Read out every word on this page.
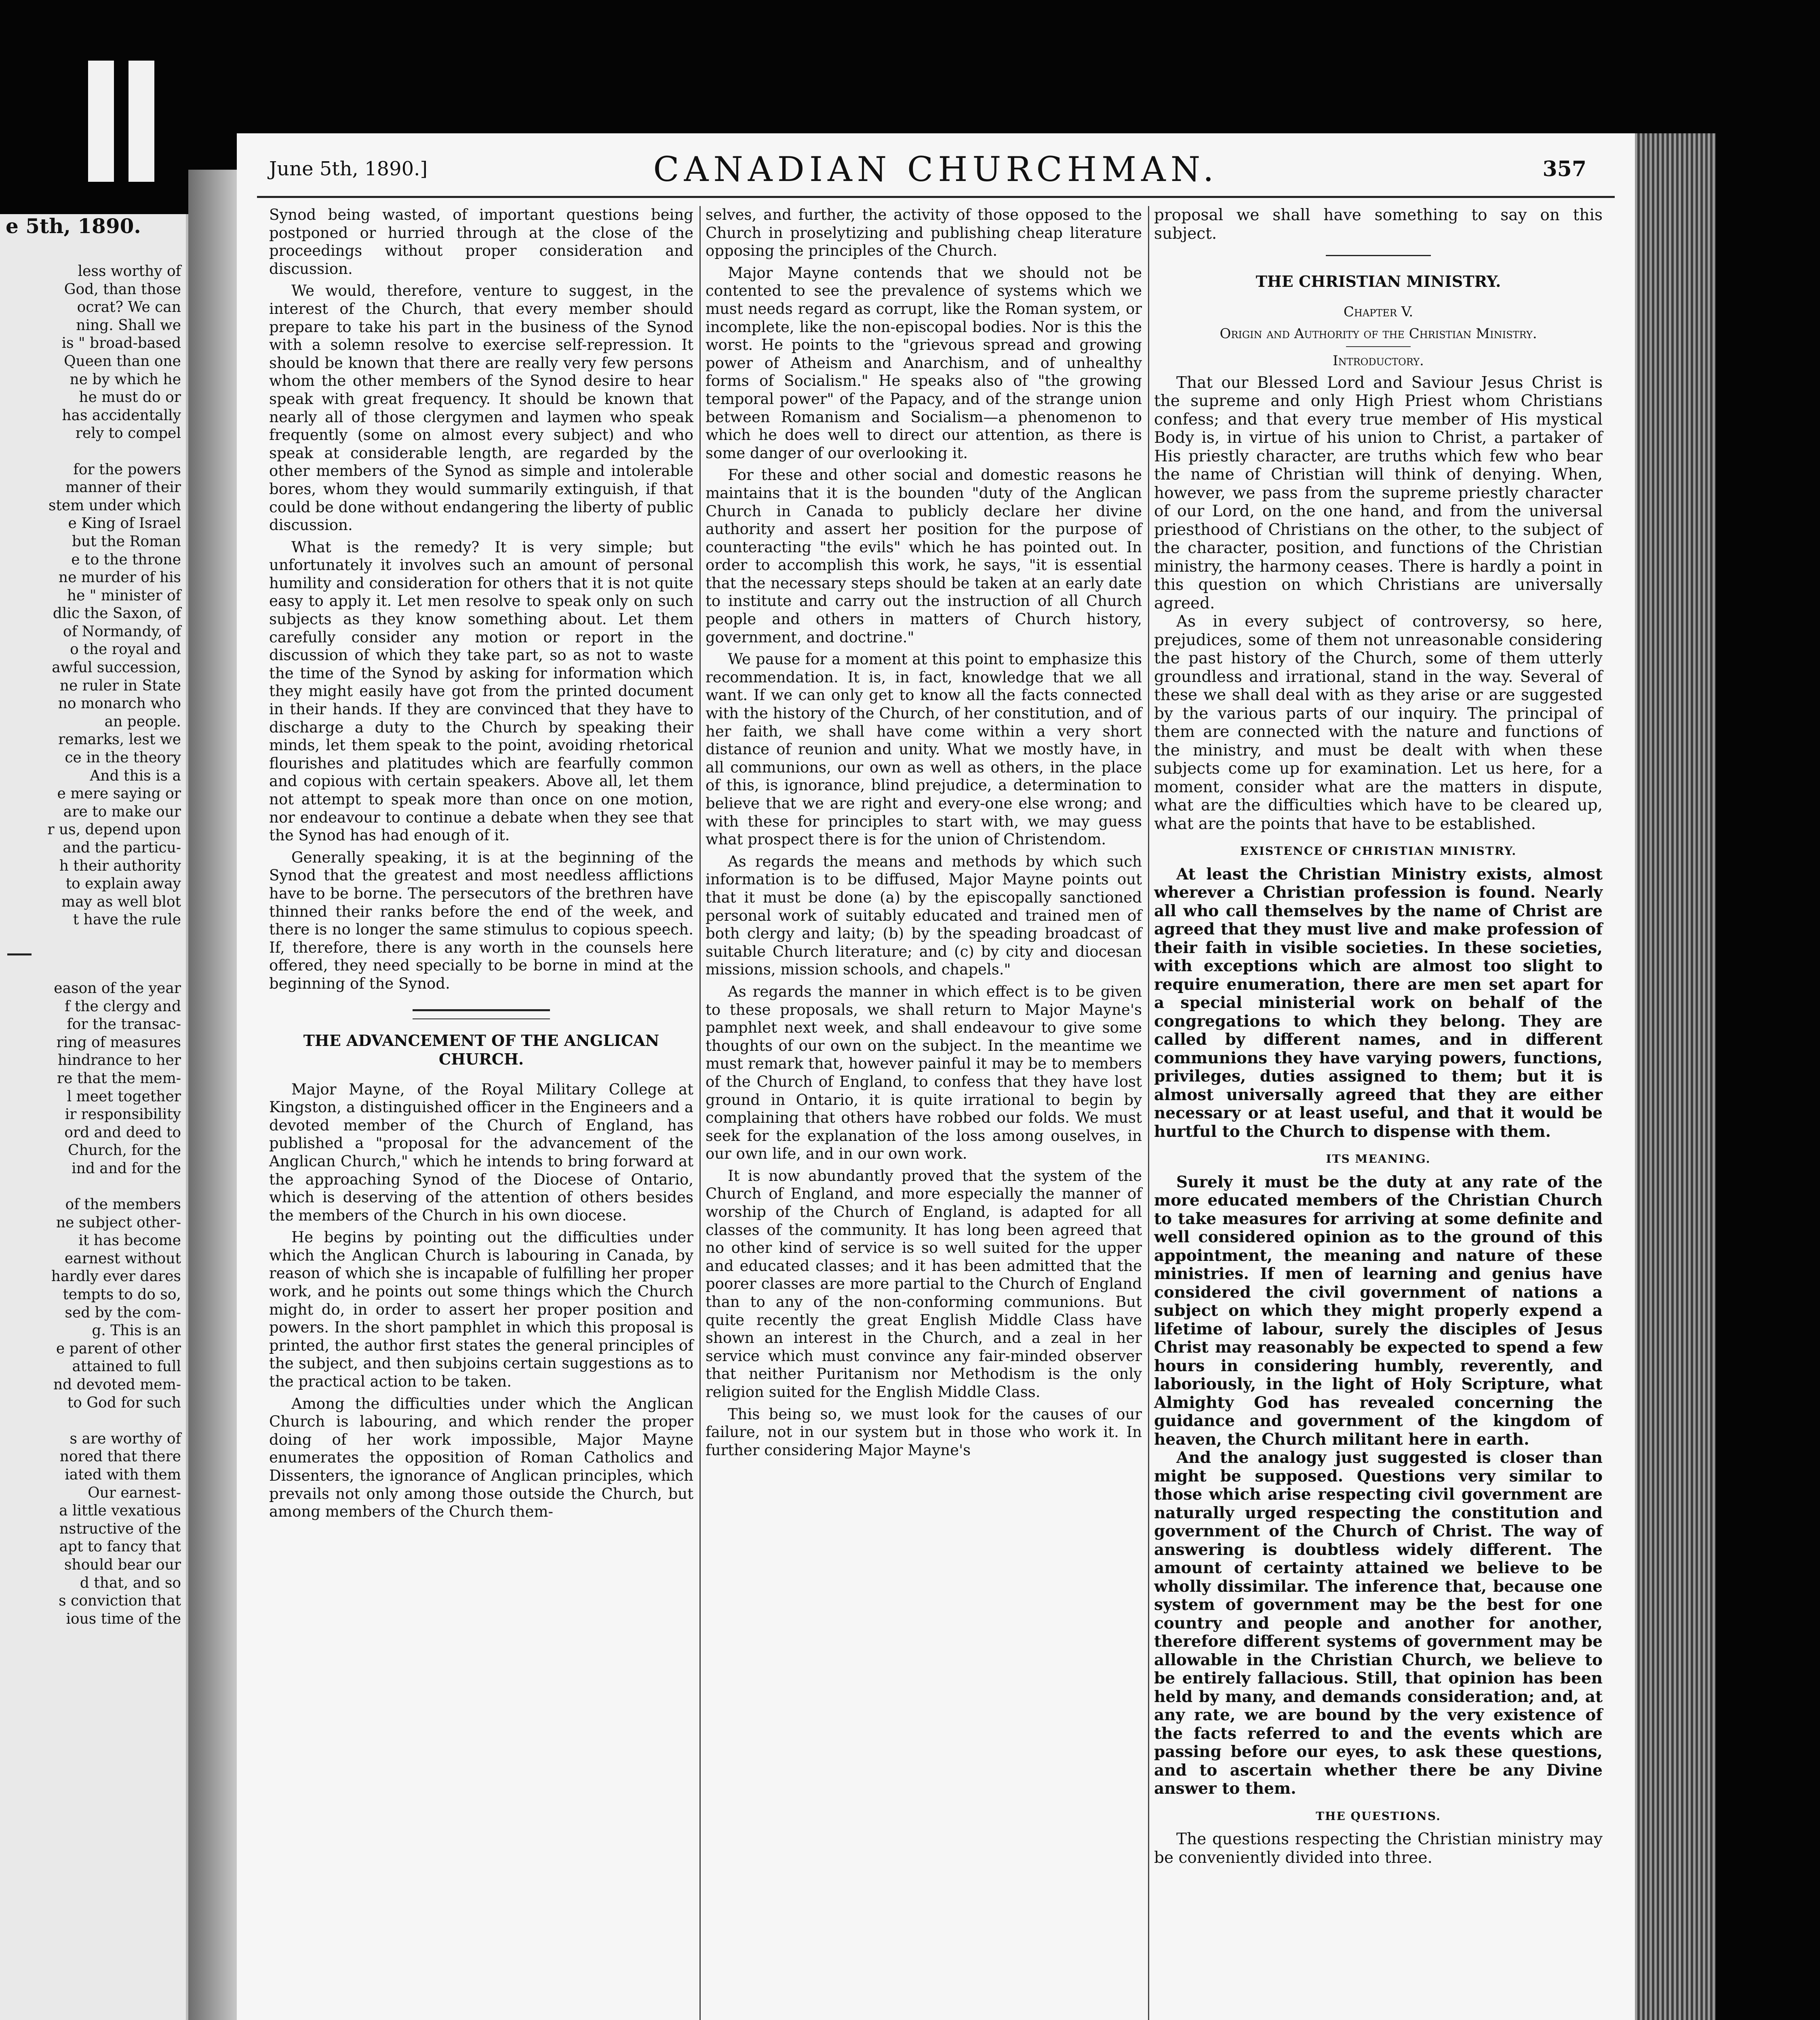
e 5th, 1890.
less worthy of
God, than those
ocrat? We can
ning. Shall we
is " broad-based
Queen than one
ne by which he
he must do or
has accidentally
rely to compel
for the powers
manner of their
stem under which
e King of Israel
but the Roman
e to the throne
ne murder of his
he " minister of
dlic the Saxon, of
of Normandy, of
o the royal and
awful succession,
ne ruler in State
no monarch who
an people.
remarks, lest we
ce in the theory
And this is a
e mere saying or
are to make our
r us, depend upon
and the particu-
h their authority
to explain away
may as well blot
t have the rule
eason of the year
f the clergy and
for the transac-
ring of measures
hindrance to her
re that the mem-
l meet together
ir responsibility
ord and deed to
Church, for the
ind and for the
of the members
ne subject other-
it has become
earnest without
hardly ever dares
tempts to do so,
sed by the com-
g. This is an
e parent of other
attained to full
nd devoted mem-
to God for such
s are worthy of
nored that there
iated with them
Our earnest-
a little vexatious
nstructive of the
apt to fancy that
should bear our
d that, and so
s conviction that
ious time of the
June 5th, 1890.]	CANADIAN CHURCHMAN.	357

Synod being wasted, of important questions being postponed or hurried through at the close of the proceedings without proper consideration and discussion.

We would, therefore, venture to suggest, in the interest of the Church, that every member should prepare to take his part in the business of the Synod with a solemn resolve to exercise self-repression. It should be known that there are really very few persons whom the other members of the Synod desire to hear speak with great frequency. It should be known that nearly all of those clergymen and laymen who speak frequently (some on almost every subject) and who speak at considerable length, are regarded by the other members of the Synod as simple and intolerable bores, whom they would summarily extinguish, if that could be done without endangering the liberty of public discussion.

What is the remedy? It is very simple; but unfortunately it involves such an amount of personal humility and consideration for others that it is not quite easy to apply it. Let men resolve to speak only on such subjects as they know something about. Let them carefully consider any motion or report in the discussion of which they take part, so as not to waste the time of the Synod by asking for information which they might easily have got from the printed document in their hands. If they are convinced that they have to discharge a duty to the Church by speaking their minds, let them speak to the point, avoiding rhetorical flourishes and platitudes which are fearfully common and copious with certain speakers. Above all, let them not attempt to speak more than once on one motion, nor endeavour to continue a debate when they see that the Synod has had enough of it.

Generally speaking, it is at the beginning of the Synod that the greatest and most needless afflictions have to be borne. The persecutors of the brethren have thinned their ranks before the end of the week, and there is no longer the same stimulus to copious speech. If, therefore, there is any worth in the counsels here offered, they need specially to be borne in mind at the beginning of the Synod.

THE ADVANCEMENT OF THE ANGLICAN CHURCH.

Major Mayne, of the Royal Military College at Kingston, a distinguished officer in the Engineers and a devoted member of the Church of England, has published a "proposal for the advancement of the Anglican Church," which he intends to bring forward at the approaching Synod of the Diocese of Ontario, which is deserving of the attention of others besides the members of the Church in his own diocese.

He begins by pointing out the difficulties under which the Anglican Church is labouring in Canada, by reason of which she is incapable of fulfilling her proper work, and he points out some things which the Church might do, in order to assert her proper position and powers. In the short pamphlet in which this proposal is printed, the author first states the general principles of the subject, and then subjoins certain suggestions as to the practical action to be taken.

Among the difficulties under which the Anglican Church is labouring, and which render the proper doing of her work impossible, Major Mayne enumerates the opposition of Roman Catholics and Dissenters, the ignorance of Anglican principles, which prevails not only among those outside the Church, but among members of the Church them-

selves, and further, the activity of those opposed to the Church in proselytizing and publishing cheap literature opposing the principles of the Church.

Major Mayne contends that we should not be contented to see the prevalence of systems which we must needs regard as corrupt, like the Roman system, or incomplete, like the non-episcopal bodies. Nor is this the worst. He points to the "grievous spread and growing power of Atheism and Anarchism, and of unhealthy forms of Socialism." He speaks also of "the growing temporal power" of the Papacy, and of the strange union between Romanism and Socialism—a phenomenon to which he does well to direct our attention, as there is some danger of our overlooking it.

For these and other social and domestic reasons he maintains that it is the bounden "duty of the Anglican Church in Canada to publicly declare her divine authority and assert her position for the purpose of counteracting "the evils" which he has pointed out. In order to accomplish this work, he says, "it is essential that the necessary steps should be taken at an early date to institute and carry out the instruction of all Church people and others in matters of Church history, government, and doctrine."

We pause for a moment at this point to emphasize this recommendation. It is, in fact, knowledge that we all want. If we can only get to know all the facts connected with the history of the Church, of her constitution, and of her faith, we shall have come within a very short distance of reunion and unity. What we mostly have, in all communions, our own as well as others, in the place of this, is ignorance, blind prejudice, a determination to believe that we are right and every-one else wrong; and with these for principles to start with, we may guess what prospect there is for the union of Christendom.

As regards the means and methods by which such information is to be diffused, Major Mayne points out that it must be done (a) by the episcopally sanctioned personal work of suitably educated and trained men of both clergy and laity; (b) by the speading broadcast of suitable Church literature; and (c) by city and diocesan missions, mission schools, and chapels."

As regards the manner in which effect is to be given to these proposals, we shall return to Major Mayne's pamphlet next week, and shall endeavour to give some thoughts of our own on the subject. In the meantime we must remark that, however painful it may be to members of the Church of England, to confess that they have lost ground in Ontario, it is quite irrational to begin by complaining that others have robbed our folds. We must seek for the explanation of the loss among ouselves, in our own life, and in our own work.

It is now abundantly proved that the system of the Church of England, and more especially the manner of worship of the Church of England, is adapted for all classes of the community. It has long been agreed that no other kind of service is so well suited for the upper and educated classes; and it has been admitted that the poorer classes are more partial to the Church of England than to any of the non-conforming communions. But quite recently the great English Middle Class have shown an interest in the Church, and a zeal in her service which must convince any fair-minded observer that neither Puritanism nor Methodism is the only religion suited for the English Middle Class.

This being so, we must look for the causes of our failure, not in our system but in those who work it. In further considering Major Mayne's

proposal we shall have something to say on this subject.

THE CHRISTIAN MINISTRY.
Chapter V.
Origin and Authority of the Christian Ministry.
Introductory.

That our Blessed Lord and Saviour Jesus Christ is the supreme and only High Priest whom Christians confess; and that every true member of His mystical Body is, in virtue of his union to Christ, a partaker of His priestly character, are truths which few who bear the name of Christian will think of denying. When, however, we pass from the supreme priestly character of our Lord, on the one hand, and from the universal priesthood of Christians on the other, to the subject of the character, position, and functions of the Christian ministry, the harmony ceases. There is hardly a point in this question on which Christians are universally agreed.

As in every subject of controversy, so here, prejudices, some of them not unreasonable considering the past history of the Church, some of them utterly groundless and irrational, stand in the way. Several of these we shall deal with as they arise or are suggested by the various parts of our inquiry. The principal of them are connected with the nature and functions of the ministry, and must be dealt with when these subjects come up for examination. Let us here, for a moment, consider what are the matters in dispute, what are the difficulties which have to be cleared up, what are the points that have to be established.

EXISTENCE OF CHRISTIAN MINISTRY.

At least the Christian Ministry exists, almost wherever a Christian profession is found. Nearly all who call themselves by the name of Christ are agreed that they must live and make profession of their faith in visible societies. In these societies, with exceptions which are almost too slight to require enumeration, there are men set apart for a special ministerial work on behalf of the congregations to which they belong. They are called by different names, and in different communions they have varying powers, functions, privileges, duties assigned to them; but it is almost universally agreed that they are either necessary or at least useful, and that it would be hurtful to the Church to dispense with them.

ITS MEANING.

Surely it must be the duty at any rate of the more educated members of the Christian Church to take measures for arriving at some definite and well considered opinion as to the ground of this appointment, the meaning and nature of these ministries. If men of learning and genius have considered the civil government of nations a subject on which they might properly expend a lifetime of labour, surely the disciples of Jesus Christ may reasonably be expected to spend a few hours in considering humbly, reverently, and laboriously, in the light of Holy Scripture, what Almighty God has revealed concerning the guidance and government of the kingdom of heaven, the Church militant here in earth.

And the analogy just suggested is closer than might be supposed. Questions very similar to those which arise respecting civil government are naturally urged respecting the constitution and government of the Church of Christ. The way of answering is doubtless widely different. The amount of certainty attained we believe to be wholly dissimilar. The inference that, because one system of government may be the best for one country and people and another for another, therefore different systems of government may be allowable in the Christian Church, we believe to be entirely fallacious. Still, that opinion has been held by many, and demands consideration; and, at any rate, we are bound by the very existence of the facts referred to and the events which are passing before our eyes, to ask these questions, and to ascertain whether there be any Divine answer to them.

THE QUESTIONS.

The questions respecting the Christian ministry may be conveniently divided into three.
